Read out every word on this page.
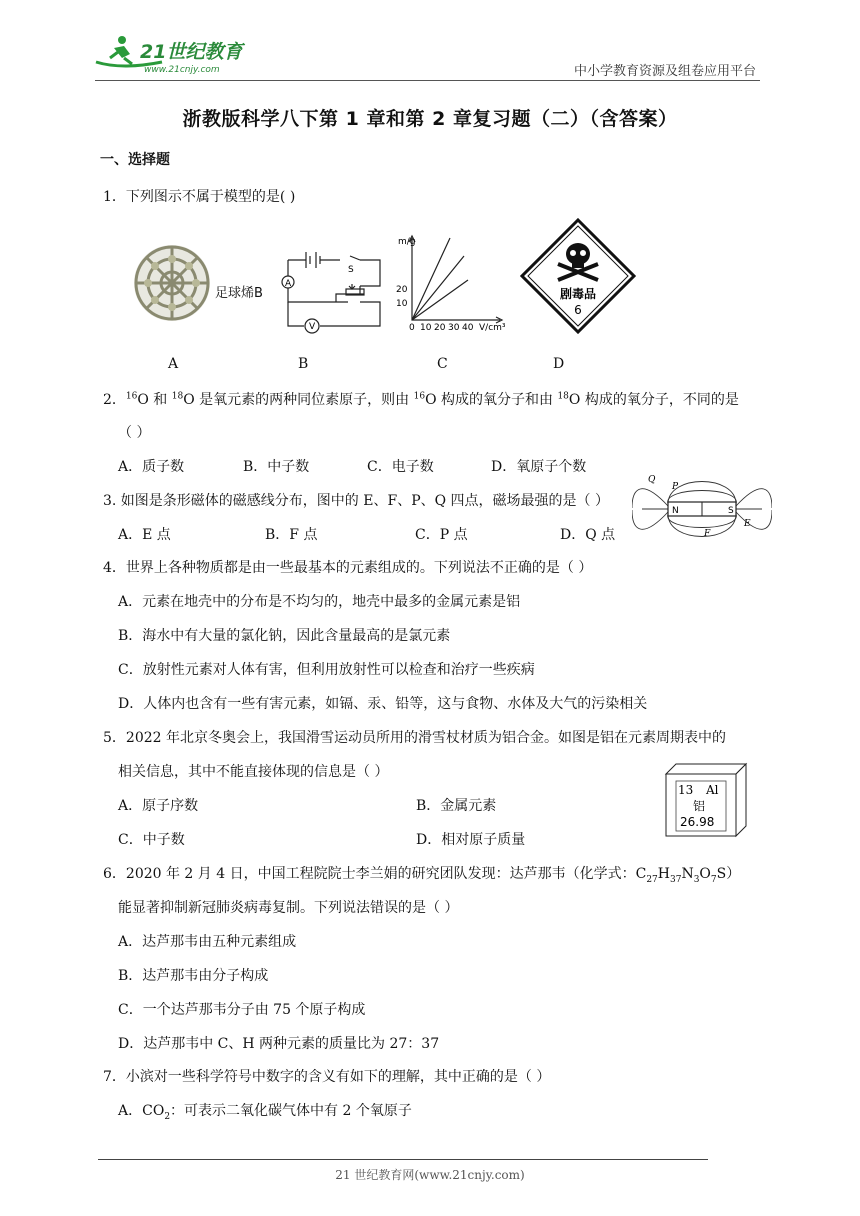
21世纪教育
www.21cnjy.com	中小学教育资源及组卷应用平台
浙教版科学八下第 1 章和第 2 章复习题（二）（含答案）
一、选择题
1．下列图示不属于模型的是( )
足球烯B
A
S
V
m/g
20
10
0 10 20 30 40 V/cm³
剧毒品
6
A	B	C	D
2．$^{16}$O 和 $^{18}$O 是氧元素的两种同位素原子，则由 $^{16}$O 构成的氧分子和由 $^{18}$O 构成的氧分子，不同的是
（ ）
A．质子数	B．中子数	C．电子数	D．氧原子个数
3. 如图是条形磁体的磁感线分布，图中的 E、F、P、Q 四点，磁场最强的是（ ）
A．E 点	B．F 点	C．P 点	D．Q 点
N	S
Q
P
E
F
4．世界上各种物质都是由一些最基本的元素组成的。下列说法不正确的是（ ）
A．元素在地壳中的分布是不均匀的，地壳中最多的金属元素是铝
B．海水中有大量的氯化钠，因此含量最高的是氯元素
C．放射性元素对人体有害，但利用放射性可以检查和治疗一些疾病
D．人体内也含有一些有害元素，如镉、汞、铅等，这与食物、水体及大气的污染相关
5．2022 年北京冬奥会上，我国滑雪运动员所用的滑雪杖材质为铝合金。如图是铝在元素周期表中的
相关信息，其中不能直接体现的信息是（ ）
A．原子序数	B．金属元素
C．中子数	D．相对原子质量
13 Al
铝
26.98
6．2020 年 2 月 4 日，中国工程院院士李兰娟的研究团队发现：达芦那韦（化学式：$C_{27}H_{37}N_3O_7S$）
能显著抑制新冠肺炎病毒复制。下列说法错误的是（ ）
A．达芦那韦由五种元素组成
B．达芦那韦由分子构成
C．一个达芦那韦分子由 75 个原子构成
D．达芦那韦中 C、H 两种元素的质量比为 27：37
7．小滨对一些科学符号中数字的含义有如下的理解，其中正确的是（ ）
A．$CO_2$：可表示二氧化碳气体中有 2 个氧原子
21 世纪教育网(www.21cnjy.com)
